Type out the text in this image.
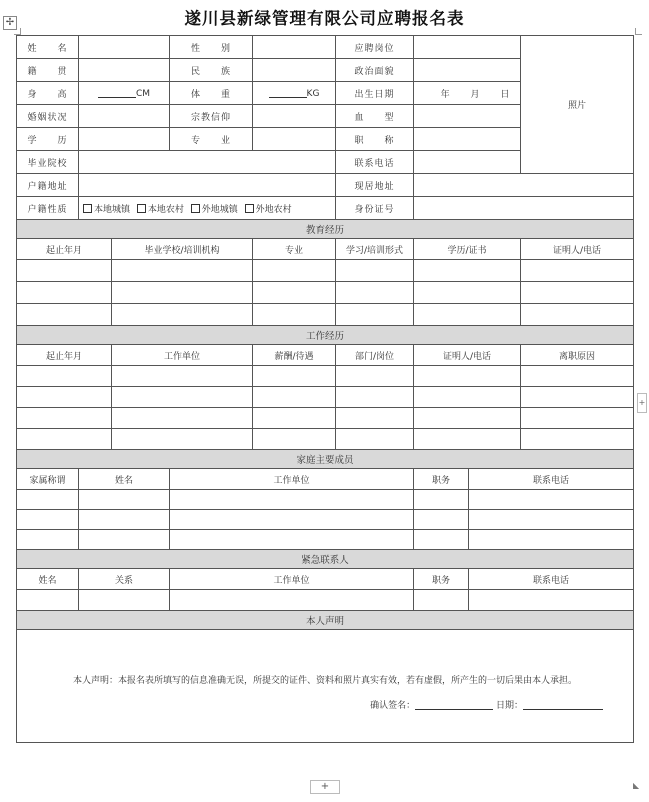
遂川县新绿管理有限公司应聘报名表
✢
+
+	◣
姓　　名			性　　别		应聘岗位			照片
籍　　贯			民　　族		政治面貌			
身　　高	CM		体　　重	KG	出生日期	年 月 日		
婚姻状况			宗教信仰		血　　型			
学　　历			专　　业		职　　称			
毕业院校					联系电话			
户籍地址					现居地址			
户籍性质	本地城镇 本地农村 外地城镇 外地农村				身份证号			
教育经历								
起止年月		毕业学校/培训机构		专业	学习/培训形式	学历/证书		证明人/电话

工作经历								
起止年月		工作单位		薪酬/待遇	部门/岗位	证明人/电话		离职原因

家庭主要成员								
家属称谓	姓名		工作单位			职务	联系电话	

紧急联系人								
姓名	关系		工作单位			职务	联系电话	

本人声明								

本人声明：本报名表所填写的信息准确无误，所提交的证件、资料和照片真实有效，若有虚假，所产生的一切后果由本人承担。
确认签名： 日期：								
